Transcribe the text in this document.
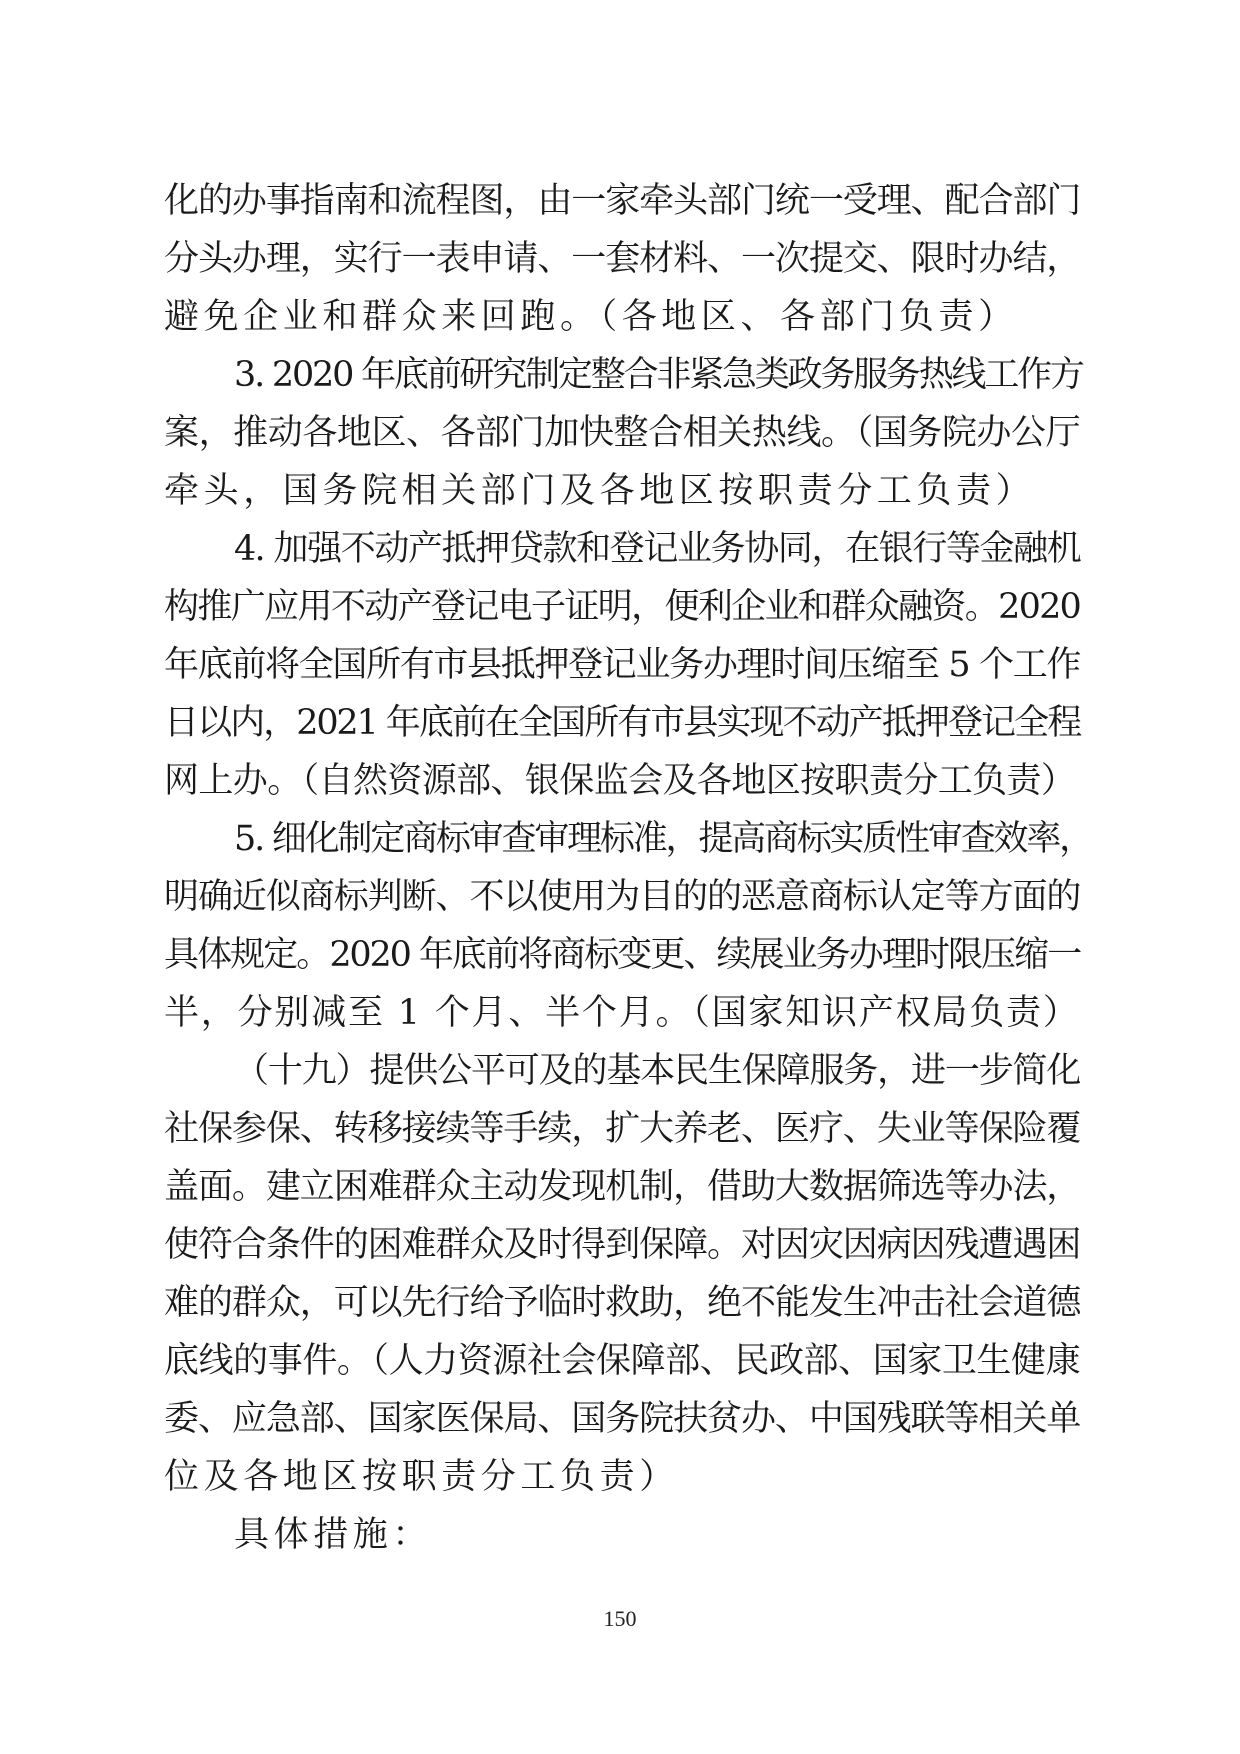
化的办事指南和流程图，由一家牵头部门统一受理、配合部门
分头办理，实行一表申请、一套材料、一次提交、限时办结，
避免企业和群众来回跑。（各地区、各部门负责）
3. 2020 年底前研究制定整合非紧急类政务服务热线工作方
案，推动各地区、各部门加快整合相关热线。（国务院办公厅
牵头，国务院相关部门及各地区按职责分工负责）
4. 加强不动产抵押贷款和登记业务协同，在银行等金融机
构推广应用不动产登记电子证明，便利企业和群众融资。2020
年底前将全国所有市县抵押登记业务办理时间压缩至 5 个工作
日以内，2021 年底前在全国所有市县实现不动产抵押登记全程
网上办。（自然资源部、银保监会及各地区按职责分工负责）
5. 细化制定商标审查审理标准，提高商标实质性审查效率，
明确近似商标判断、不以使用为目的的恶意商标认定等方面的
具体规定。2020 年底前将商标变更、续展业务办理时限压缩一
半，分别减至 1 个月、半个月。（国家知识产权局负责）
（十九）提供公平可及的基本民生保障服务，进一步简化
社保参保、转移接续等手续，扩大养老、医疗、失业等保险覆
盖面。建立困难群众主动发现机制，借助大数据筛选等办法，
使符合条件的困难群众及时得到保障。对因灾因病因残遭遇困
难的群众，可以先行给予临时救助，绝不能发生冲击社会道德
底线的事件。（人力资源社会保障部、民政部、国家卫生健康
委、应急部、国家医保局、国务院扶贫办、中国残联等相关单
位及各地区按职责分工负责）
具体措施：
150
